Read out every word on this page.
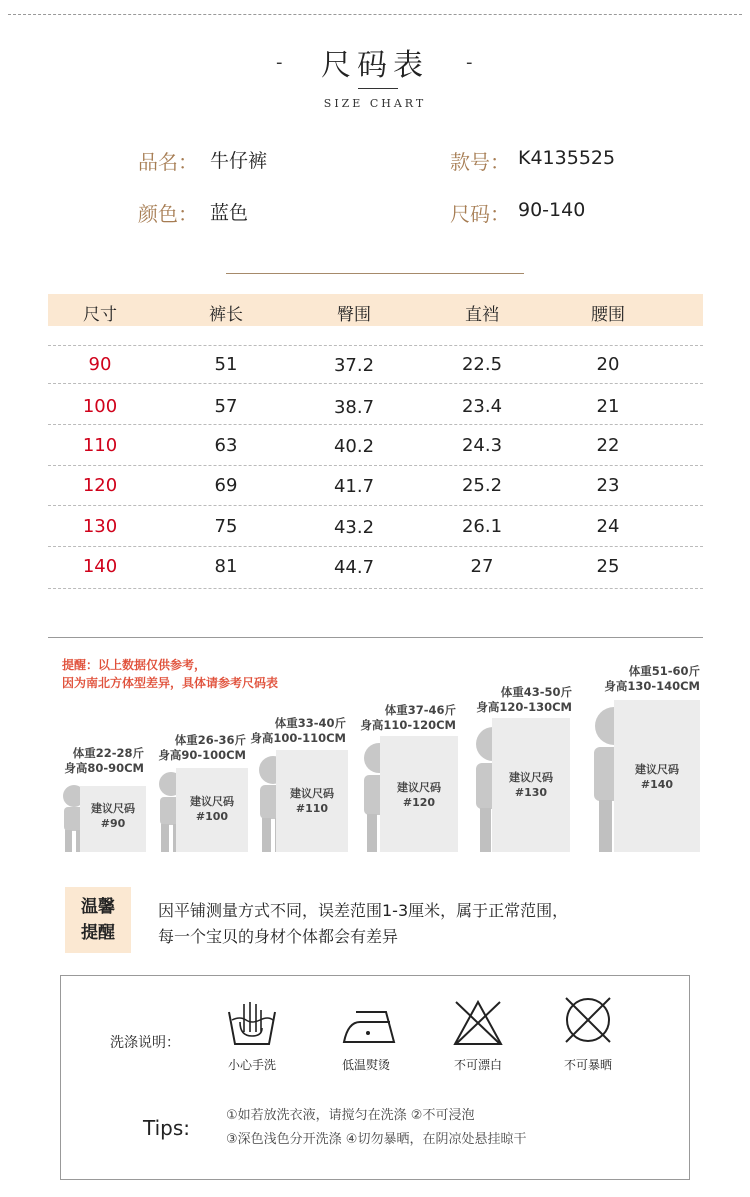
-	尺码表	-
SIZE CHART
品名： 牛仔裤	款号： K4135525
颜色： 蓝色	尺码： 90-140
尺寸	裤长	臀围	直裆	腰围
90	51	37.2	22.5	20
100	57	38.7	23.4	21
110	63	40.2	24.3	22
120	69	41.7	25.2	23
130	75	43.2	26.1	24
140	81	44.7	27	25
提醒：以上数据仅供参考，
因为南北方体型差异，具体请参考尺码表
体重22-28斤
身高80-90CM
建议尺码
#90
体重26-36斤
身高90-100CM
建议尺码
#100
体重33-40斤
身高100-110CM
建议尺码
#110
体重37-46斤
身高110-120CM
建议尺码
#120
体重43-50斤
身高120-130CM
建议尺码
#130
体重51-60斤
身高130-140CM
建议尺码
#140
温馨
提醒
因平铺测量方式不同，误差范围1-3厘米，属于正常范围，
每一个宝贝的身材个体都会有差异
洗涤说明：
小心手洗	低温熨烫	不可漂白	不可暴晒
Tips:
①如若放洗衣液，请搅匀在洗涤 ②不可浸泡
③深色浅色分开洗涤 ④切勿暴晒，在阴凉处悬挂晾干
